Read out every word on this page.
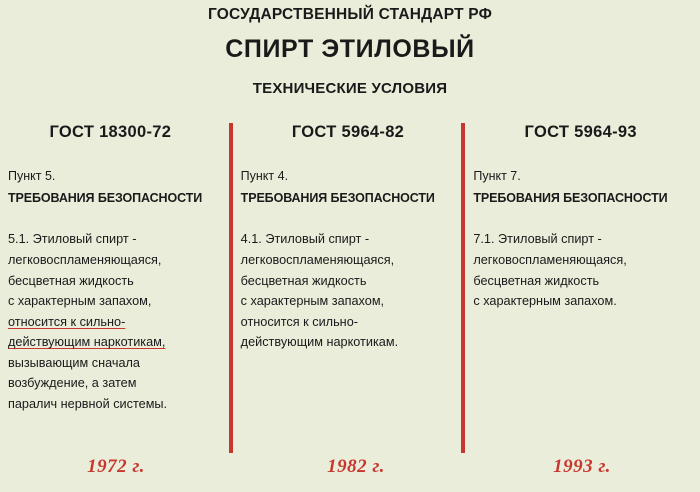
ГОСУДАРСТВЕННЫЙ СТАНДАРТ РФ
СПИРТ ЭТИЛОВЫЙ
ТЕХНИЧЕСКИЕ УСЛОВИЯ
ГОСТ 18300-72
Пункт 5.
ТРЕБОВАНИЯ БЕЗОПАСНОСТИ
5.1. Этиловый спирт -
легковоспламеняющаяся,
бесцветная жидкость
с характерным запахом,
относится к сильно-
действующим наркотикам,
вызывающим сначала
возбуждение, а затем
паралич нервной системы.
ГОСТ 5964-82
Пункт 4.
ТРЕБОВАНИЯ БЕЗОПАСНОСТИ
4.1. Этиловый спирт -
легковоспламеняющаяся,
бесцветная жидкость
с характерным запахом,
относится к сильно-
действующим наркотикам.
ГОСТ 5964-93
Пункт 7.
ТРЕБОВАНИЯ БЕЗОПАСНОСТИ
7.1. Этиловый спирт -
легковоспламеняющаяся,
бесцветная жидкость
с характерным запахом.
1972 г.	1982 г.	1993 г.
